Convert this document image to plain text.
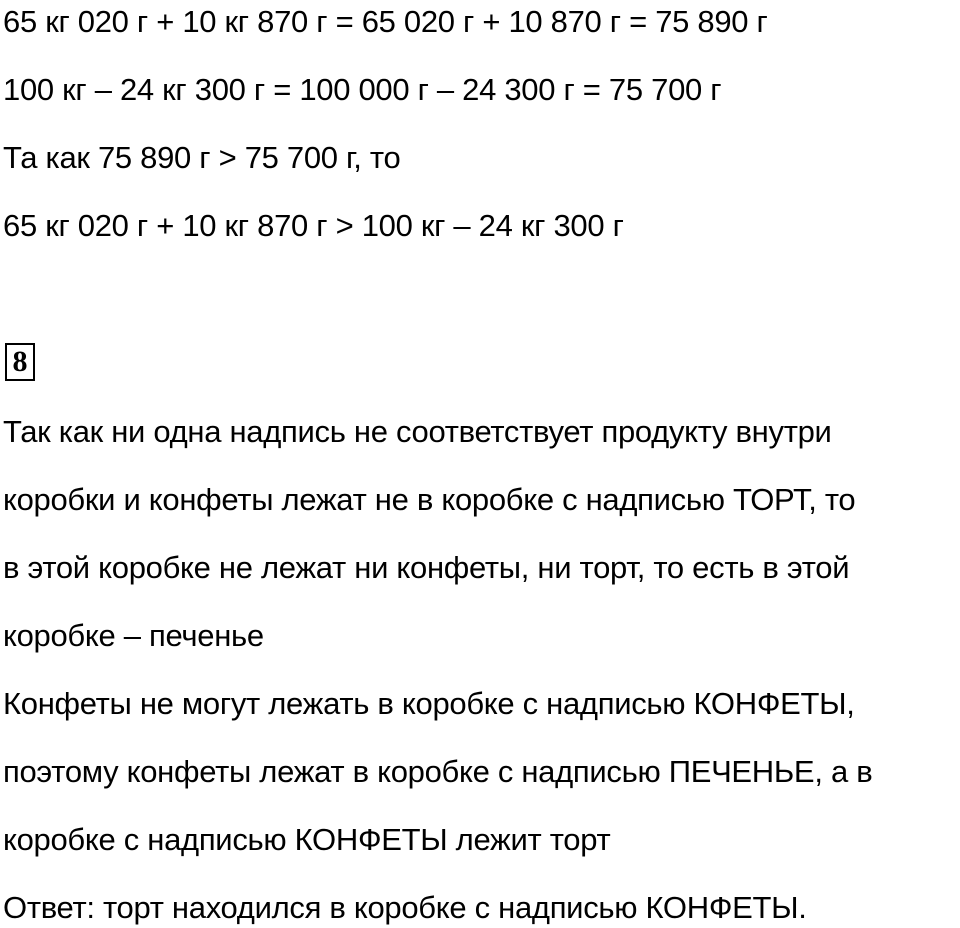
65 кг 020 г + 10 кг 870 г = 65 020 г + 10 870 г = 75 890 г
100 кг – 24 кг 300 г = 100 000 г – 24 300 г = 75 700 г
Та как 75 890 г > 75 700 г, то
65 кг 020 г + 10 кг 870 г > 100 кг – 24 кг 300 г
8
Так как ни одна надпись не соответствует продукту внутри
коробки и конфеты лежат не в коробке с надписью ТОРТ, то
в этой коробке не лежат ни конфеты, ни торт, то есть в этой
коробке – печенье
Конфеты не могут лежать в коробке с надписью КОНФЕТЫ,
поэтому конфеты лежат в коробке с надписью ПЕЧЕНЬЕ, а в
коробке с надписью КОНФЕТЫ лежит торт
Ответ: торт находился в коробке с надписью КОНФЕТЫ.
